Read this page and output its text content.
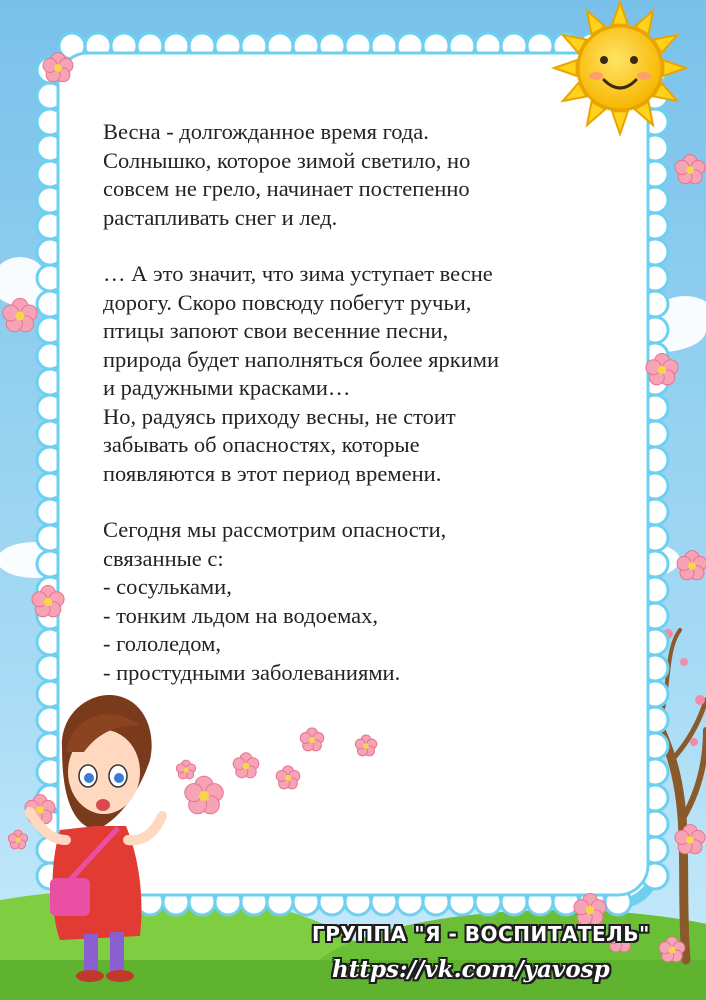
Весна - долгожданное время года.
Солнышко, которое зимой светило, но
совсем не грело, начинает постепенно
растапливать снег и лед.
… А это значит, что зима уступает весне
дорогу. Скоро повсюду побегут ручьи,
птицы запоют свои весенние песни,
природа будет наполняться более яркими
и радужными красками…
Но, радуясь приходу весны, не стоит
забывать об опасностях, которые
появляются в этот период времени.
Сегодня мы рассмотрим опасности,
связанные с:
- сосульками,
- тонким льдом на водоемах,
- гололедом,
- простудными заболеваниями.
ГРУППА "Я - ВОСПИТАТЕЛЬ"
https://vk.com/yavosp
